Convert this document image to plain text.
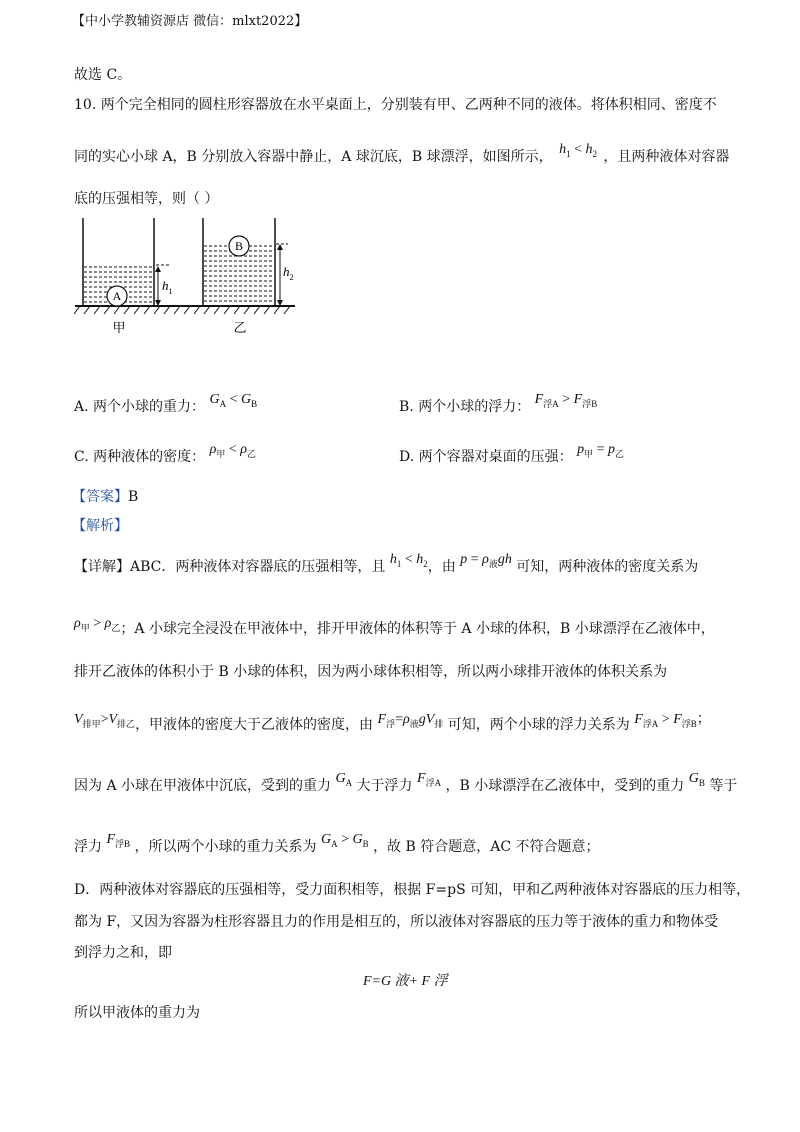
【中小学教辅资源店 微信：mlxt2022】
故选 C。
10. 两个完全相同的圆柱形容器放在水平桌面上，分别装有甲、乙两种不同的液体。将体积相同、密度不
同的实心小球 A，B 分别放入容器中静止，A 球沉底，B 球漂浮，如图所示， $h_1 < h_2$ ，且两种液体对容器
底的压强相等，则（ ）
A
$h_1$
B
$h_2$
甲	乙
A. 两个小球的重力： $G_A < G_B$	B. 两个小球的浮力： $F_{浮A} > F_{浮B}$
C. 两种液体的密度： $\rho_甲 < \rho_乙$	D. 两个容器对桌面的压强： $p_甲 = p_乙$
【答案】B
【解析】
【详解】ABC．两种液体对容器底的压强相等，且 $h_1 < h_2$，由 $p = \rho_液gh$ 可知，两种液体的密度关系为
$\rho_甲 > \rho_乙$；A 小球完全浸没在甲液体中，排开甲液体的体积等于 A 小球的体积，B 小球漂浮在乙液体中，
排开乙液体的体积小于 B 小球的体积，因为两小球体积相等，所以两小球排开液体的体积关系为
$V_{排甲}>V_{排乙}$，甲液体的密度大于乙液体的密度，由 $F_浮=\rho_液gV_排$ 可知，两个小球的浮力关系为 $F_{浮A} > F_{浮B}$；
因为 A 小球在甲液体中沉底，受到的重力 $G_A$ 大于浮力 $F_{浮A}$ ，B 小球漂浮在乙液体中，受到的重力 $G_B$ 等于
浮力 $F_{浮B}$ ，所以两个小球的重力关系为 $G_A > G_B$ ，故 B 符合题意，AC 不符合题意；
D．两种液体对容器底的压强相等，受力面积相等，根据 F=pS 可知，甲和乙两种液体对容器底的压力相等，
都为 F，又因为容器为柱形容器且力的作用是相互的，所以液体对容器底的压力等于液体的重力和物体受
到浮力之和，即
F=G 液+ F 浮
所以甲液体的重力为
